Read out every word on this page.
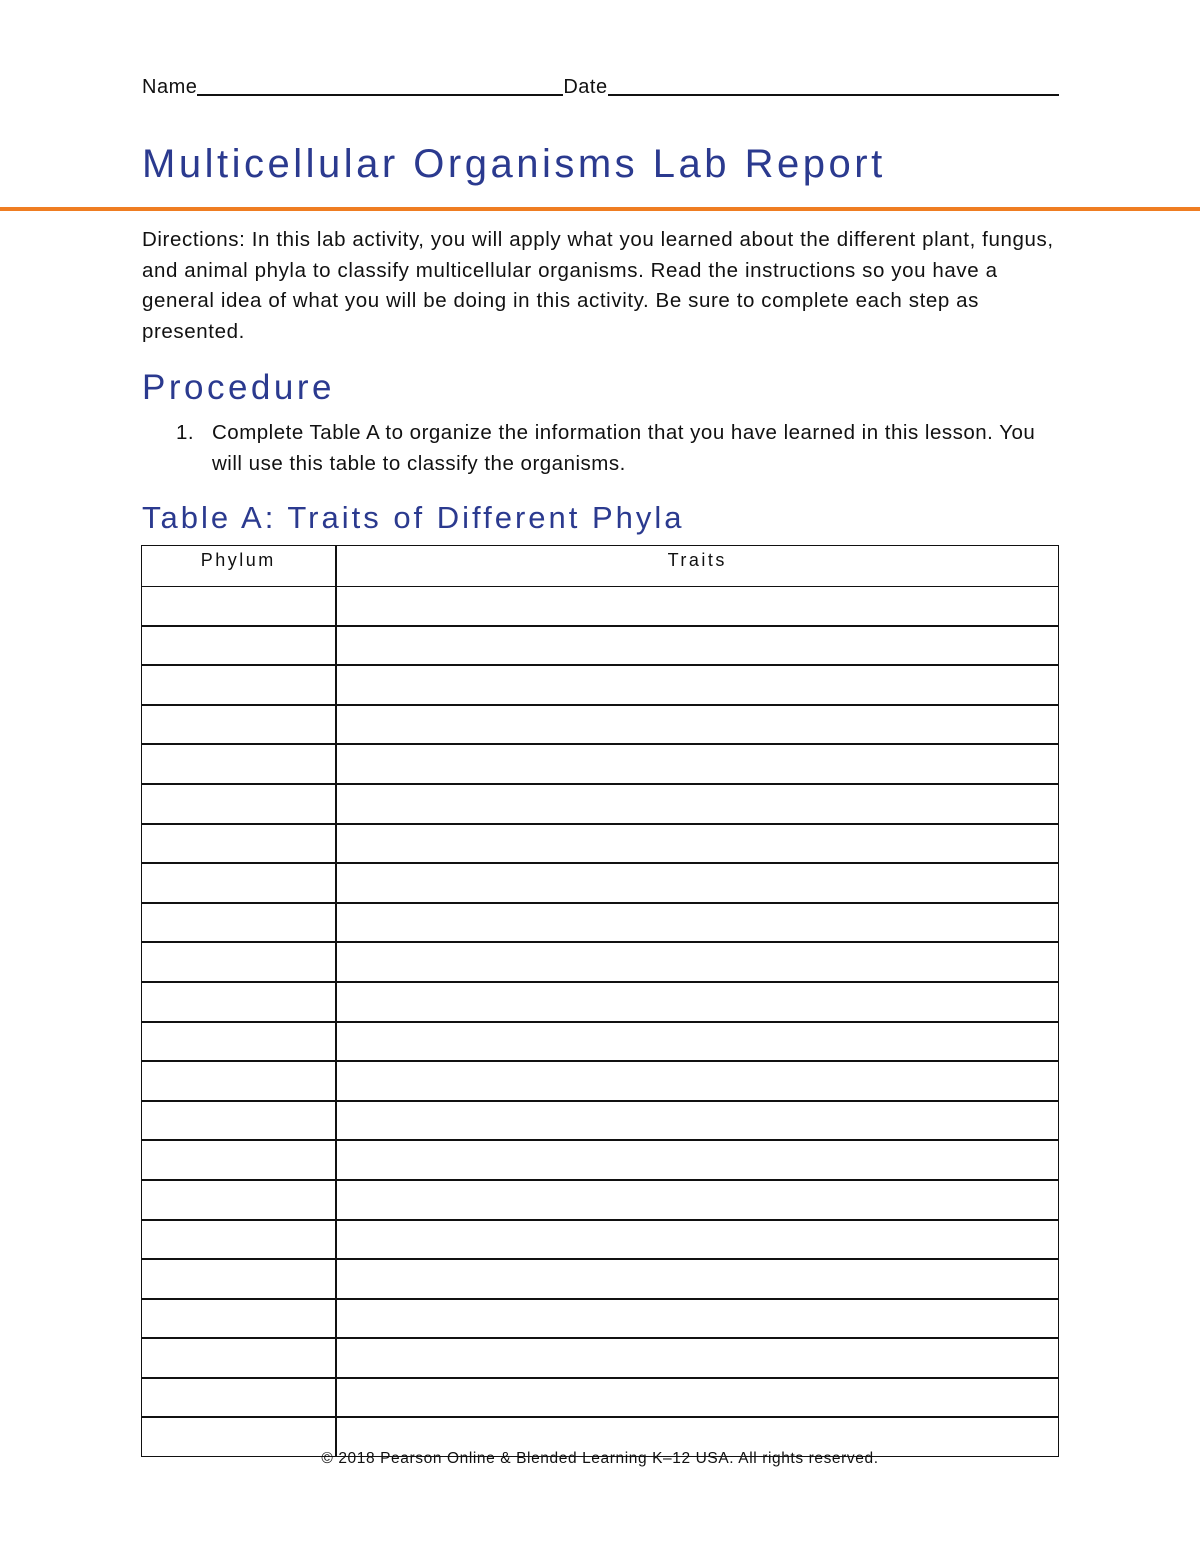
Name	Date
Multicellular Organisms Lab Report

Directions: In this lab activity, you will apply what you learned about the different plant, fungus, and animal phyla to classify multicellular organisms. Read the instructions so you have a general idea of what you will be doing in this activity. Be sure to complete each step as presented.

Procedure
1. Complete Table A to organize the information that you have learned in this lesson. You will use this table to classify the organisms.
Table A: Traits of Different Phyla
Phylum	Traits

© 2018 Pearson Online & Blended Learning K–12 USA. All rights reserved.
